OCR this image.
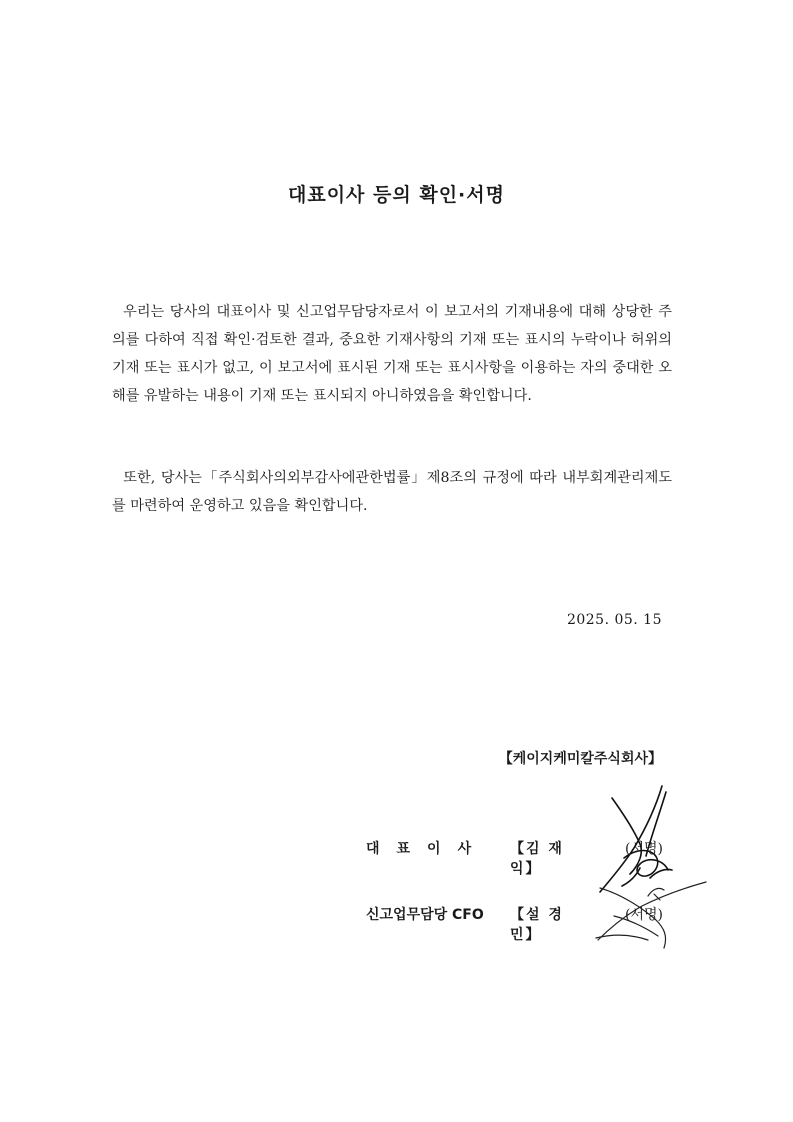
대표이사 등의 확인·서명
우리는 당사의 대표이사 및 신고업무담당자로서 이 보고서의 기재내용에 대해 상당한 주의를 다하여 직접 확인·검토한 결과, 중요한 기재사항의 기재 또는 표시의 누락이나 허위의 기재 또는 표시가 없고, 이 보고서에 표시된 기재 또는 표시사항을 이용하는 자의 중대한 오해를 유발하는 내용이 기재 또는 표시되지 아니하였음을 확인합니다.
또한, 당사는「주식회사의외부감사에관한법률」제8조의 규정에 따라 내부회계관리제도를 마련하여 운영하고 있음을 확인합니다.
2025. 05. 15
【케이지케미칼주식회사】
대표이사 【김 재 익】
(서명)
신고업무담당 CFO	【설 경 민】
(서명)
